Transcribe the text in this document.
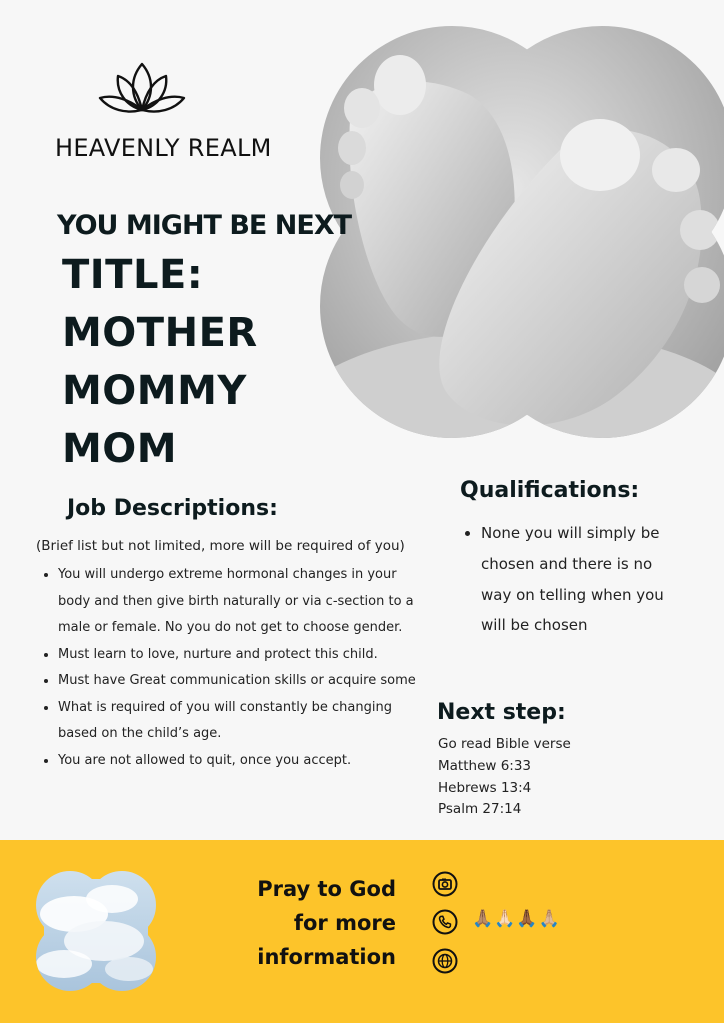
HEAVENLY REALM
YOU MIGHT BE NEXT
TITLE:
MOTHER
MOMMY
MOM
Job Descriptions:
(Brief list but not limited, more will be required of you)
• You will undergo extreme hormonal changes in your body and then give birth naturally or via c-section to a male or female. No you do not get to choose gender.
• Must learn to love, nurture and protect this child.
• Must have Great communication skills or acquire some
• What is required of you will constantly be changing based on the child’s age.
• You are not allowed to quit, once you accept.
Qualifications:
• None you will simply be chosen and there is no way on telling when you will be chosen
Next step:
Go read Bible verse
Matthew 6:33
Hebrews 13:4
Psalm 27:14
Pray to God
for more
information
🙏🏽🙏🏻🙏🏾🙏🏼
